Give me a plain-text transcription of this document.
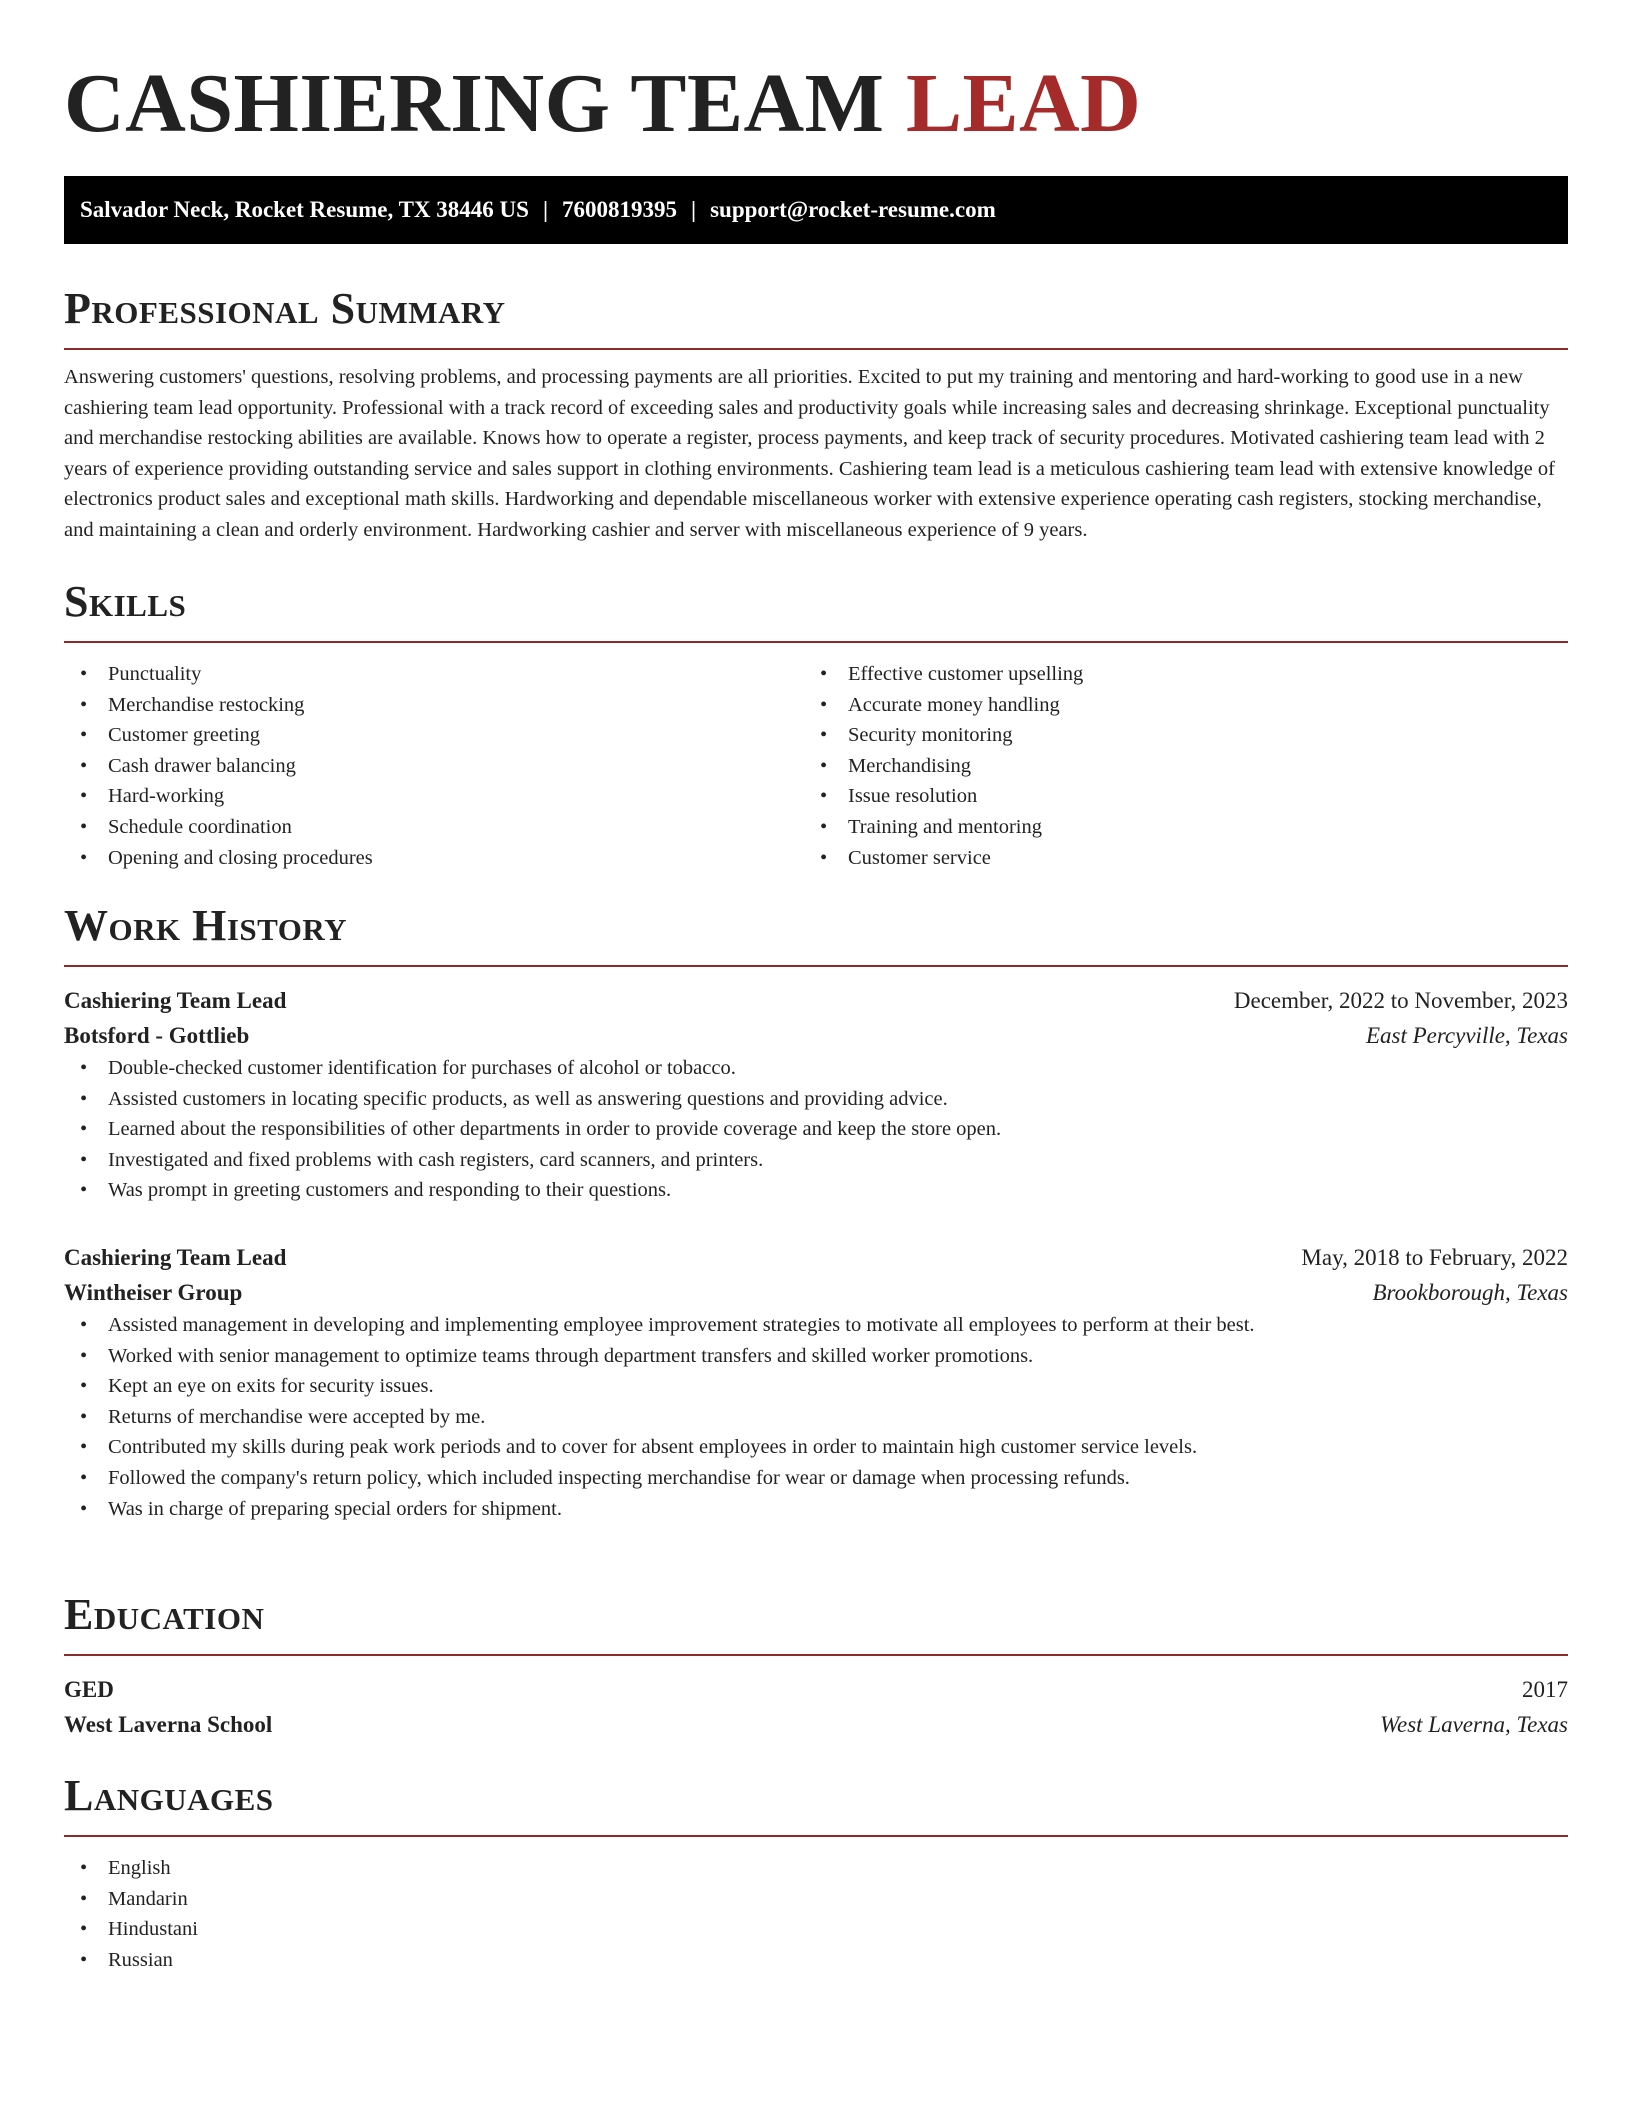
CASHIERING TEAM LEAD
Salvador Neck, Rocket Resume, TX 38446 US | 7600819395 | support@rocket-resume.com
Professional Summary

Answering customers' questions, resolving problems, and processing payments are all priorities. Excited to put my training and mentoring and hard-working to good use in a new cashiering team lead opportunity. Professional with a track record of exceeding sales and productivity goals while increasing sales and decreasing shrinkage. Exceptional punctuality and merchandise restocking abilities are available. Knows how to operate a register, process payments, and keep track of security procedures. Motivated cashiering team lead with 2 years of experience providing outstanding service and sales support in clothing environments. Cashiering team lead is a meticulous cashiering team lead with extensive knowledge of electronics product sales and exceptional math skills. Hardworking and dependable miscellaneous worker with extensive experience operating cash registers, stocking merchandise, and maintaining a clean and orderly environment. Hardworking cashier and server with miscellaneous experience of 9 years.

Skills
• Punctuality
• Merchandise restocking
• Customer greeting
• Cash drawer balancing
• Hard-working
• Schedule coordination
• Opening and closing procedures
• Effective customer upselling
• Accurate money handling
• Security monitoring
• Merchandising
• Issue resolution
• Training and mentoring
• Customer service
Work History
Cashiering Team Lead	December, 2022 to November, 2023
Botsford - Gottlieb	East Percyville, Texas
• Double-checked customer identification for purchases of alcohol or tobacco.
• Assisted customers in locating specific products, as well as answering questions and providing advice.
• Learned about the responsibilities of other departments in order to provide coverage and keep the store open.
• Investigated and fixed problems with cash registers, card scanners, and printers.
• Was prompt in greeting customers and responding to their questions.
Cashiering Team Lead	May, 2018 to February, 2022
Wintheiser Group	Brookborough, Texas
• Assisted management in developing and implementing employee improvement strategies to motivate all employees to perform at their best.
• Worked with senior management to optimize teams through department transfers and skilled worker promotions.
• Kept an eye on exits for security issues.
• Returns of merchandise were accepted by me.
• Contributed my skills during peak work periods and to cover for absent employees in order to maintain high customer service levels.
• Followed the company's return policy, which included inspecting merchandise for wear or damage when processing refunds.
• Was in charge of preparing special orders for shipment.
Education
GED	2017
West Laverna School	West Laverna, Texas
Languages
• English
• Mandarin
• Hindustani
• Russian
